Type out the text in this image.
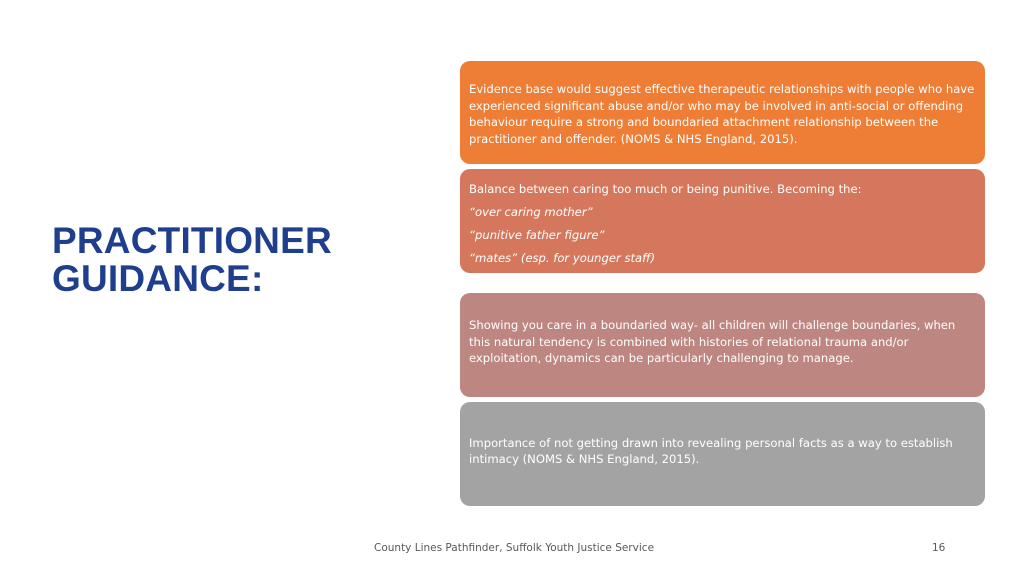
PRACTITIONER
GUIDANCE:

Evidence base would suggest effective therapeutic relationships with people who have experienced significant abuse and/or who may be involved in anti-social or offending behaviour require a strong and boundaried attachment relationship between the practitioner and offender. (NOMS & NHS England, 2015).

Balance between caring too much or being punitive. Becoming the:

“over caring mother”

“punitive father figure”

“mates” (esp. for younger staff)

Showing you care in a boundaried way- all children will challenge boundaries, when this natural tendency is combined with histories of relational trauma and/or exploitation, dynamics can be particularly challenging to manage.

Importance of not getting drawn into revealing personal facts as a way to establish intimacy (NOMS & NHS England, 2015).

County Lines Pathfinder, Suffolk Youth Justice Service	16
